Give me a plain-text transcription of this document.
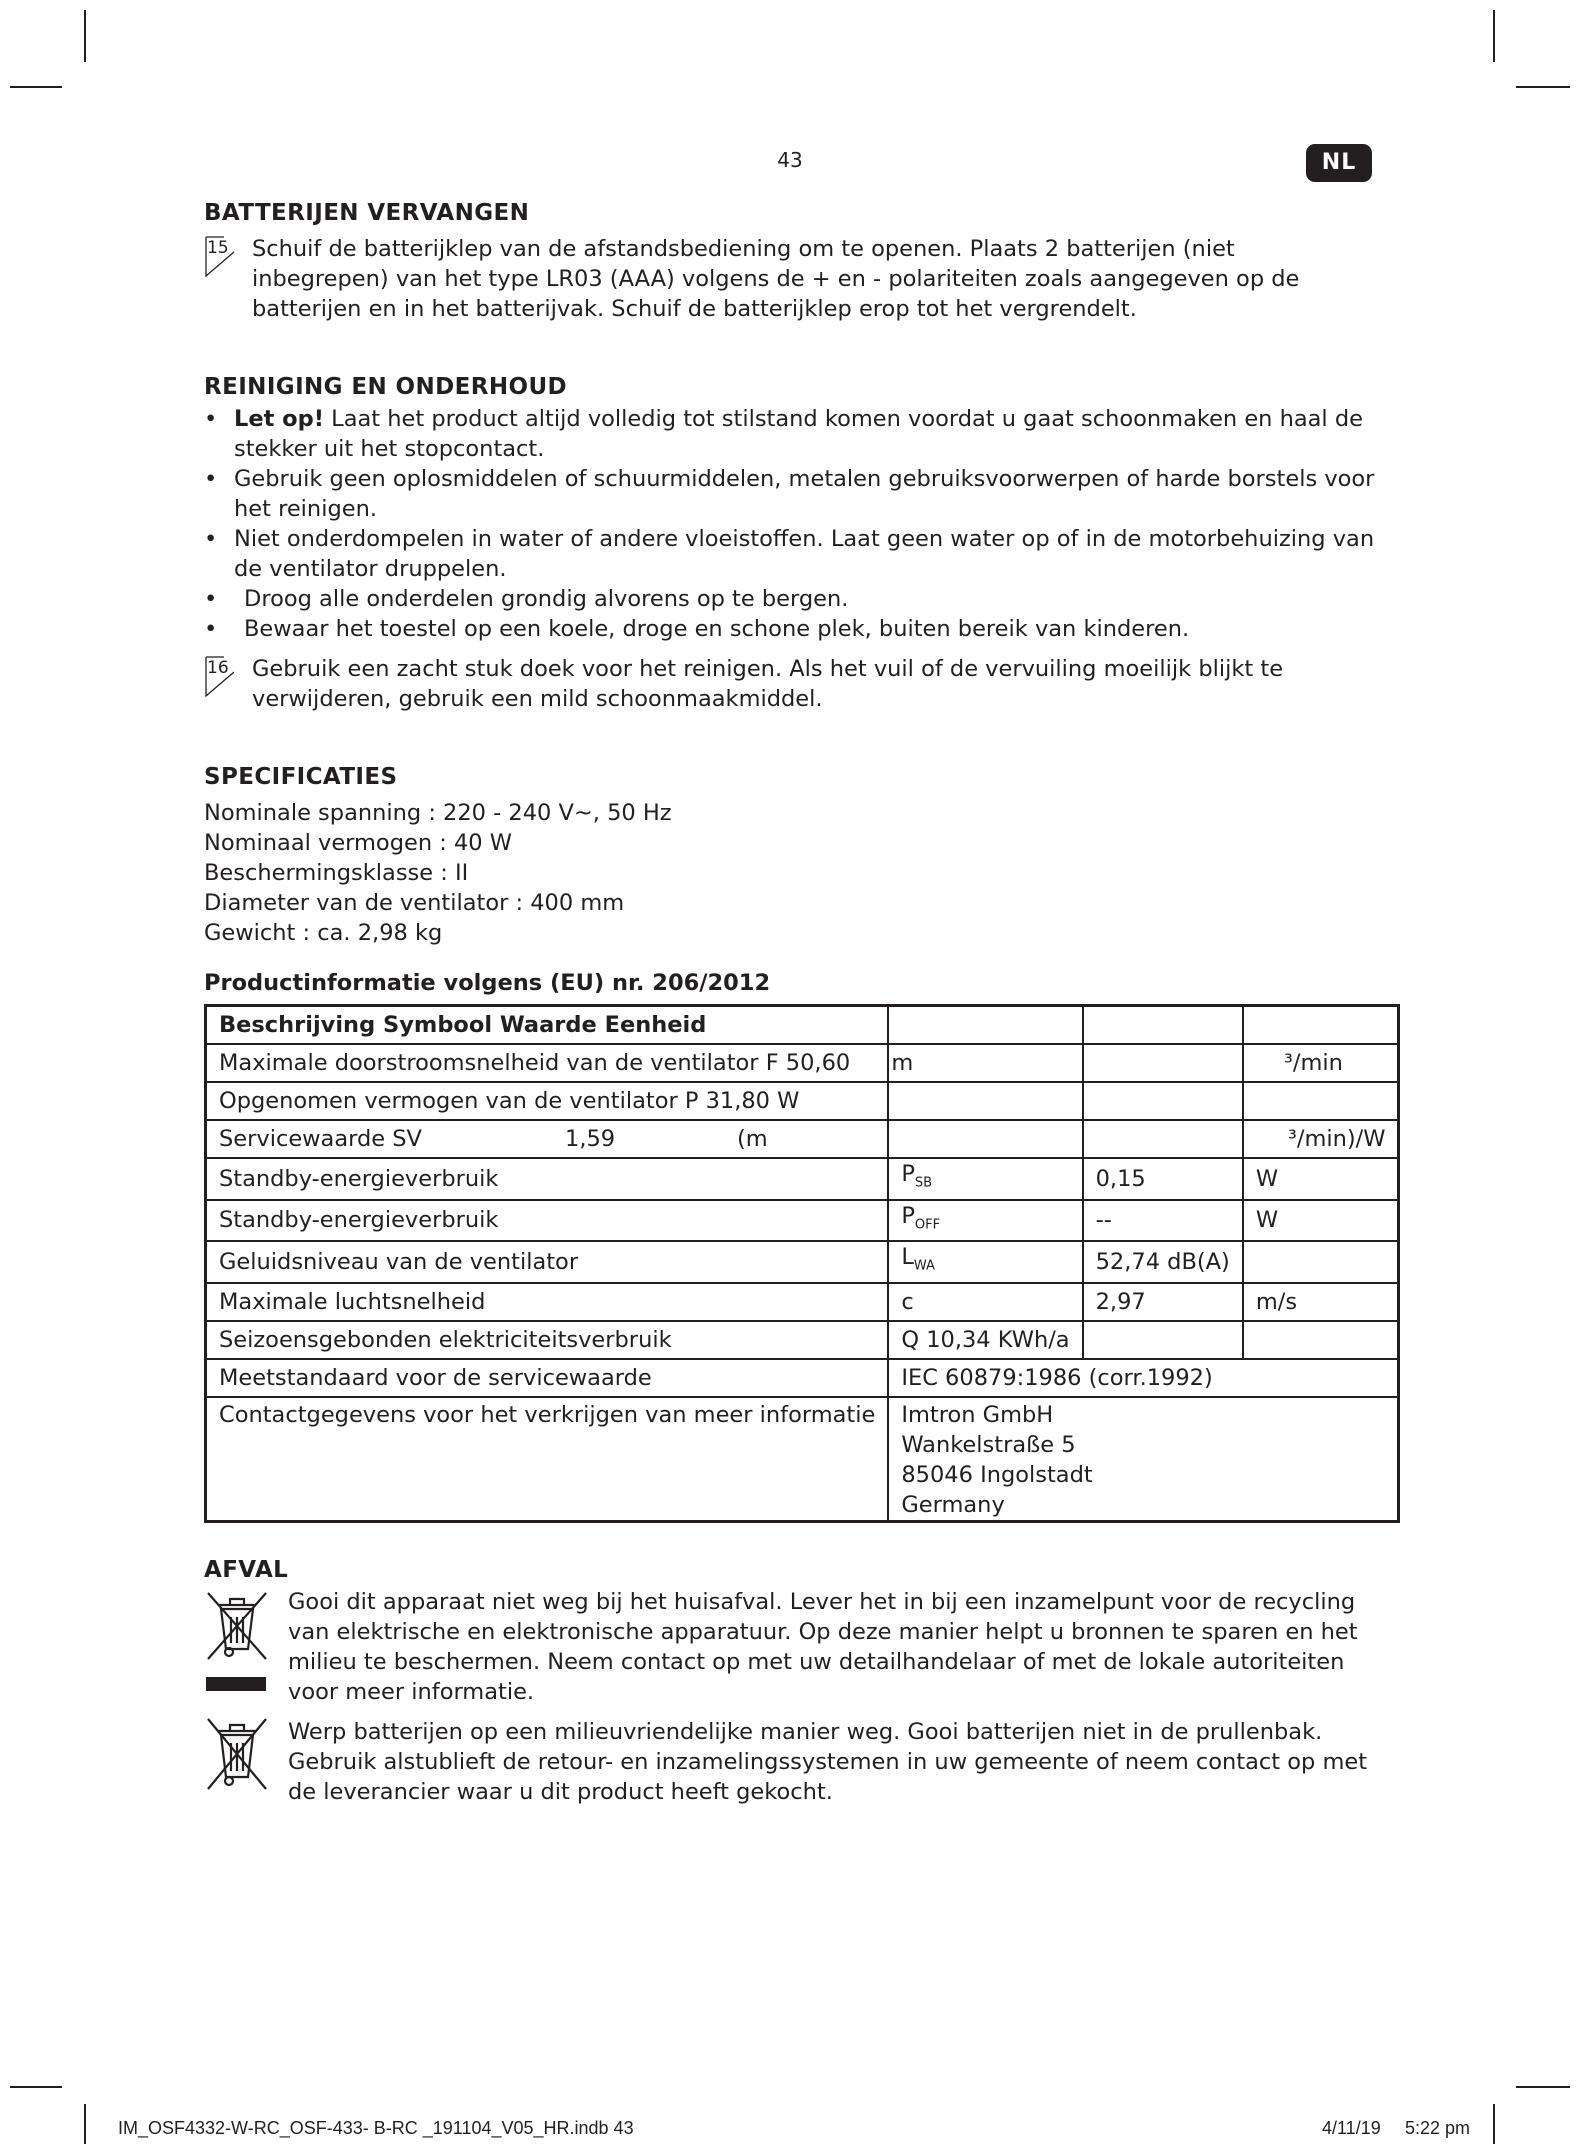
43	NL
BATTERIJEN VERVANGEN
15 Schuif de batterijklep van de afstandsbediening om te openen. Plaats 2 batterijen (niet inbegrepen) van het type LR03 (AAA) volgens de + en - polariteiten zoals aangegeven op de batterijen en in het batterijvak. Schuif de batterijklep erop tot het vergrendelt.
REINIGING EN ONDERHOUD
• Let op! Laat het product altijd volledig tot stilstand komen voordat u gaat schoonmaken en haal de stekker uit het stopcontact.
• Gebruik geen oplosmiddelen of schuurmiddelen, metalen gebruiksvoorwerpen of harde borstels voor het reinigen.
• Niet onderdompelen in water of andere vloeistoffen. Laat geen water op of in de motorbehuizing van de ventilator druppelen.
• Droog alle onderdelen grondig alvorens op te bergen.
• Bewaar het toestel op een koele, droge en schone plek, buiten bereik van kinderen.
16 Gebruik een zacht stuk doek voor het reinigen. Als het vuil of de vervuiling moeilijk blijkt te verwijderen, gebruik een mild schoonmaakmiddel.
SPECIFICATIES
Nominale spanning : 220 - 240 V~, 50 Hz
Nominaal vermogen : 40 W
Beschermingsklasse : II
Diameter van de ventilator : 400 mm
Gewicht : ca. 2,98 kg
Productinformatie volgens (EU) nr. 206/2012
Beschrijving Symbool Waarde Eenheid			
Maximale doorstroomsnelheid van de ventilator F 50,60	m		³/min
Opgenomen vermogen van de ventilator P 31,80 W			
Servicewaarde SV 1,59 (m			³/min)/W
Standby-energieverbruik	$P_{SB}$	0,15	W
Standby-energieverbruik	$P_{OFF}$	--	W
Geluidsniveau van de ventilator	$L_{WA}$	52,74 dB(A)	
Maximale luchtsnelheid	c	2,97	m/s
Seizoensgebonden elektriciteitsverbruik	Q 10,34 KWh/a		
Meetstandaard voor de servicewaarde	IEC 60879:1986 (corr.1992)		
Contactgegevens voor het verkrijgen van meer informatie	Imtron GmbH
Wankelstraße 5
85046 Ingolstadt
Germany		
AFVAL
Gooi dit apparaat niet weg bij het huisafval. Lever het in bij een inzamelpunt voor de recycling van elektrische en elektronische apparatuur. Op deze manier helpt u bronnen te sparen en het milieu te beschermen. Neem contact op met uw detailhandelaar of met de lokale autoriteiten voor meer informatie.
Werp batterijen op een milieuvriendelijke manier weg. Gooi batterijen niet in de prullenbak. Gebruik alstublieft de retour- en inzamelingssystemen in uw gemeente of neem contact op met de leverancier waar u dit product heeft gekocht.
IM_OSF4332-W-RC_OSF-433- B-RC _191104_V05_HR.indb 43	4/11/19 5:22 pm
